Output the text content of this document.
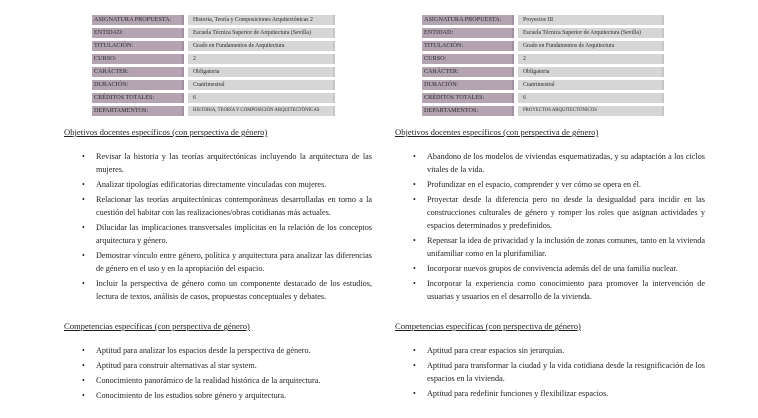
ASIGNATURA PROPUESTA:	Historia, Teoría y Composiciones Arquitectónicas 2
ENTIDAD:	Escuela Técnica Superior de Arquitectura (Sevilla)
TITULACIÓN:	Grado en Fundamentos de Arquitectura
CURSO:	2
CARÁCTER:	Obligatoria
DURACIÓN:	Cuatrimestral
CRÉDITOS TOTALES:	6
DEPARTAMENTOS:	HISTORIA, TEORÍA Y COMPOSICIÓN ARQUITECTÓNICAS

Objetivos docentes específicos (con perspectiva de género)

• Revisar la historia y las teorías arquitectónicas incluyendo la arquitectura de las mujeres.
• Analizar tipologías edificatorias directamente vinculadas con mujeres.
• Relacionar las teorías arquitectónicas contemporáneas desarrolladas en torno a la cuestión del habitar con las realizaciones/obras cotidianas más actuales.
• Dilucidar las implicaciones transversales implícitas en la relación de los conceptos arquitectura y género.
• Demostrar vínculo entre género, política y arquitectura para analizar las diferencias de género en el uso y en la apropiación del espacio.
• Incluir la perspectiva de género como un componente destacado de los estudios, lectura de textos, análisis de casos, propuestas conceptuales y debates.

Competencias específicas (con perspectiva de género)

• Aptitud para analizar los espacios desde la perspectiva de género.
• Aptitud para construir alternativas al star system.
• Conocimiento panorámico de la realidad histórica de la arquitectura.
• Conocimiento de los estudios sobre género y arquitectura.
ASIGNATURA PROPUESTA:	Proyectos III
ENTIDAD:	Escuela Técnica Superior de Arquitectura (Sevilla)
TITULACIÓN:	Grado en Fundamentos de Arquitectura
CURSO:	2
CARÁCTER:	Obligatoria
DURACIÓN:	Cuatrimestral
CRÉDITOS TOTALES:	6
DEPARTAMENTOS:	PROYECTOS ARQUITECTÓNICOS

Objetivos docentes específicos (con perspectiva de género)

• Abandono de los modelos de viviendas esquematizadas, y su adaptación a los ciclos vitales de la vida.
• Profundizar en el espacio, comprender y ver cómo se opera en él.
• Proyectar desde la diferencia pero no desde la desigualdad para incidir en las construcciones culturales de género y romper los roles que asignan actividades y espacios determinados y predefinidos.
• Repensar la idea de privacidad y la inclusión de zonas comunes, tanto en la vivienda unifamiliar como en la plurifamiliar.
• Incorporar nuevos grupos de convivencia además del de una familia nuclear.
• Incorporar la experiencia como conocimiento para promover la intervención de usuarias y usuarios en el desarrollo de la vivienda.

Competencias específicas (con perspectiva de género)

• Aptitud para crear espacios sin jerarquías.
• Aptitud para transformar la ciudad y la vida cotidiana desde la resignificación de los espacios en la vivienda.
• Aptitud para redefinir funciones y flexibilizar espacios.
